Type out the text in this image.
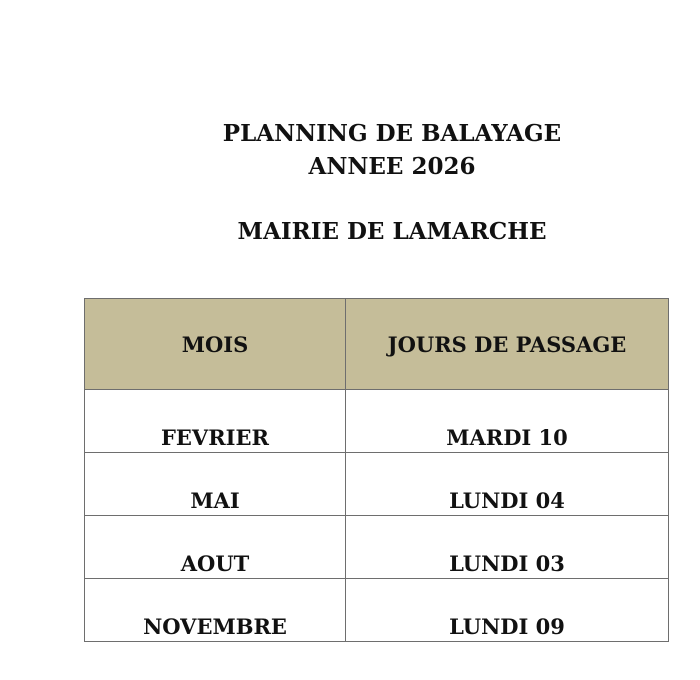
PLANNING DE BALAYAGE
ANNEE 2026
MAIRIE DE LAMARCHE
MOIS	JOURS DE PASSAGE
FEVRIER	MARDI 10
MAI	LUNDI 04
AOUT	LUNDI 03
NOVEMBRE	LUNDI 09
